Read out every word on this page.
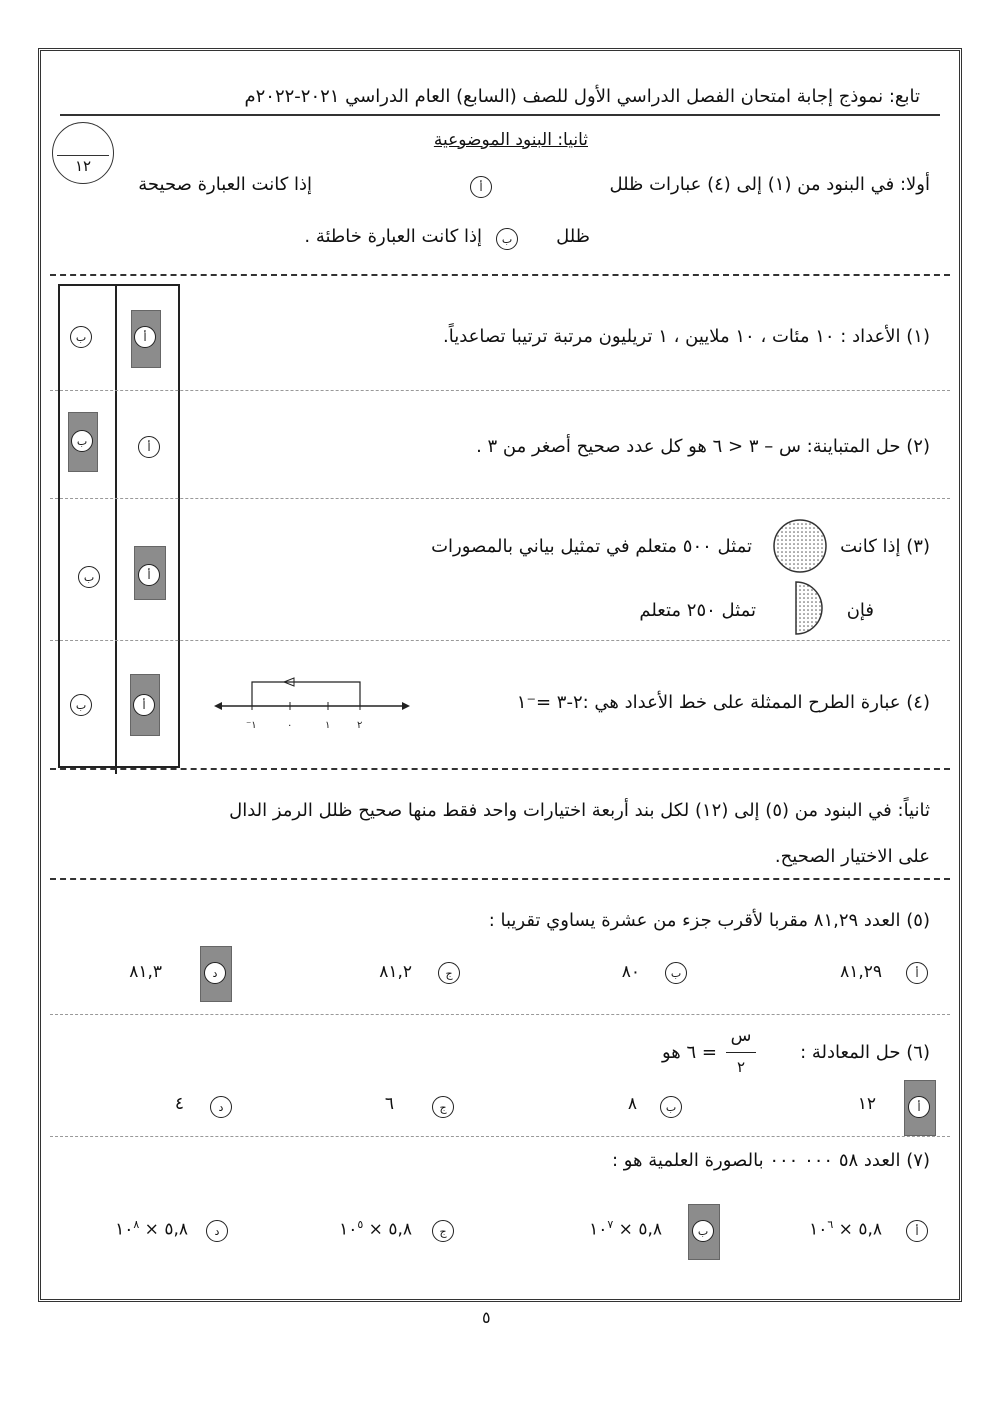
تابع: نموذج إجابة امتحان الفصل الدراسي الأول للصف (السابع) العام الدراسي ٢٠٢١-٢٠٢٢م
١٢
ثانيا: البنود الموضوعية
أولا: في البنود من (١) إلى (٤) عبارات ظلل
أ
إذا كانت العبارة صحيحة
ظلل
ب
إذا كانت العبارة خاطئة .
(١) الأعداد : ١٠ مئات ، ١٠ ملايين ، ١ تريليون مرتبة ترتيبا تصاعدياً.
أ
ب
(٢) حل المتباينة: س – ٣ < ٦ هو كل عدد صحيح أصغر من ٣ .
أ
ب
(٣) إذا كانت
تمثل ٥٠٠ متعلم في تمثيل بياني بالمصورات
فإن
تمثل ٢٥٠ متعلم
أ
ب
(٤) عبارة الطرح الممثلة على خط الأعداد هي :٢-٣ =⁻١
⁻١	٠	١	٢
أ
ب
ثانياً: في البنود من (٥) إلى (١٢) لكل بند أربعة اختيارات واحد فقط منها صحيح ظلل الرمز الدال
على الاختيار الصحيح.
(٥) العدد ٨١,٢٩ مقربا لأقرب جزء من عشرة يساوي تقريبا :
أ
٨١,٢٩
ب
٨٠
ج
٨١,٢
د
٨١,٣
(٦) حل المعادلة :
س
٢
= ٦ هو
أ
١٢
ب
٨
ج
٦
د
٤
(٧) العدد ٥٨ ٠٠٠ ٠٠٠ بالصورة العلمية هو :
أ
٥,٨ × $١٠^٦$
ب
٥,٨ × $١٠^٧$
ج
٥,٨ × $١٠^٥$
د
٥,٨ × $١٠^٨$
٥
